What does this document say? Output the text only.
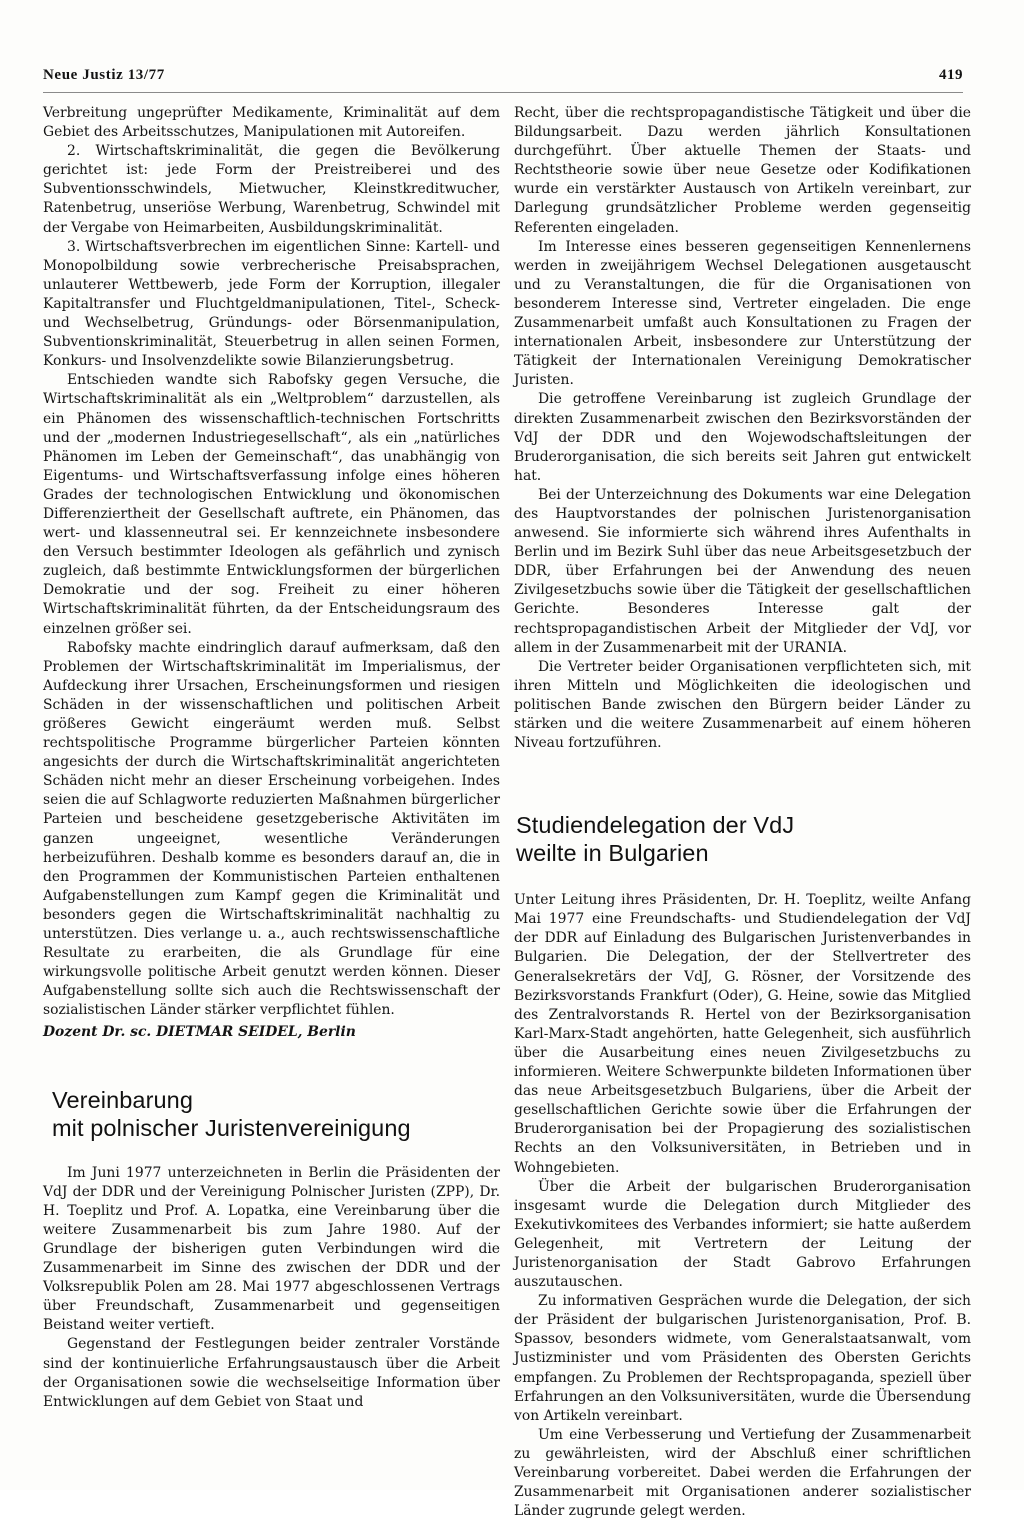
Neue Justiz 13/77	419

Verbreitung ungeprüfter Medikamente, Kriminalität auf dem Gebiet des Arbeitsschutzes, Manipulationen mit Autoreifen.

2. Wirtschaftskriminalität, die gegen die Bevölkerung gerichtet ist: jede Form der Preistreiberei und des Subventionsschwindels, Mietwucher, Kleinstkreditwucher, Ratenbetrug, unseriöse Werbung, Warenbetrug, Schwindel mit der Vergabe von Heimarbeiten, Ausbildungskriminalität.

3. Wirtschaftsverbrechen im eigentlichen Sinne: Kartell- und Monopolbildung sowie verbrecherische Preisabsprachen, unlauterer Wettbewerb, jede Form der Korruption, illegaler Kapitaltransfer und Fluchtgeldmanipulationen, Titel-, Scheck- und Wechselbetrug, Gründungs- oder Börsenmanipulation, Subventionskriminalität, Steuerbetrug in allen seinen Formen, Konkurs- und Insolvenzdelikte sowie Bilanzierungsbetrug.

Entschieden wandte sich Rabofsky gegen Versuche, die Wirtschaftskriminalität als ein „Weltproblem“ darzustellen, als ein Phänomen des wissenschaftlich-technischen Fortschritts und der „modernen Industriegesellschaft“, als ein „natürliches Phänomen im Leben der Gemeinschaft“, das unabhängig von Eigentums- und Wirtschaftsverfassung infolge eines höheren Grades der technologischen Entwicklung und ökonomischen Differenziertheit der Gesellschaft auftrete, ein Phänomen, das wert- und klassenneutral sei. Er kennzeichnete insbesondere den Versuch bestimmter Ideologen als gefährlich und zynisch zugleich, daß bestimmte Entwicklungsformen der bürgerlichen Demokratie und der sog. Freiheit zu einer höheren Wirtschaftskriminalität führten, da der Entscheidungsraum des einzelnen größer sei.

Rabofsky machte eindringlich darauf aufmerksam, daß den Problemen der Wirtschaftskriminalität im Imperialismus, der Aufdeckung ihrer Ursachen, Erscheinungsformen und riesigen Schäden in der wissenschaftlichen und politischen Arbeit größeres Gewicht eingeräumt werden muß. Selbst rechtspolitische Programme bürgerlicher Parteien könnten angesichts der durch die Wirtschaftskriminalität angerichteten Schäden nicht mehr an dieser Erscheinung vorbeigehen. Indes seien die auf Schlagworte reduzierten Maßnahmen bürgerlicher Parteien und bescheidene gesetzgeberische Aktivitäten im ganzen ungeeignet, wesentliche Veränderungen herbeizuführen. Deshalb komme es besonders darauf an, die in den Programmen der Kommunistischen Parteien enthaltenen Aufgabenstellungen zum Kampf gegen die Kriminalität und besonders gegen die Wirtschaftskriminalität nachhaltig zu unterstützen. Dies verlange u. a., auch rechtswissenschaftliche Resultate zu erarbeiten, die als Grundlage für eine wirkungsvolle politische Arbeit genutzt werden können. Dieser Aufgabenstellung sollte sich auch die Rechtswissenschaft der sozialistischen Länder stärker verpflichtet fühlen.

Dozent Dr. sc. DIETMAR SEIDEL, Berlin

Vereinbarung
mit polnischer Juristenvereinigung

Im Juni 1977 unterzeichneten in Berlin die Präsidenten der VdJ der DDR und der Vereinigung Polnischer Juristen (ZPP), Dr. H. Toeplitz und Prof. A. Lopatka, eine Vereinbarung über die weitere Zusammenarbeit bis zum Jahre 1980. Auf der Grundlage der bisherigen guten Verbindungen wird die Zusammenarbeit im Sinne des zwischen der DDR und der Volksrepublik Polen am 28. Mai 1977 abgeschlossenen Vertrags über Freundschaft, Zusammenarbeit und gegenseitigen Beistand weiter vertieft.

Gegenstand der Festlegungen beider zentraler Vorstände sind der kontinuierliche Erfahrungsaustausch über die Arbeit der Organisationen sowie die wechselseitige Information über Entwicklungen auf dem Gebiet von Staat und

Recht, über die rechtspropagandistische Tätigkeit und über die Bildungsarbeit. Dazu werden jährlich Konsultationen durchgeführt. Über aktuelle Themen der Staats- und Rechtstheorie sowie über neue Gesetze oder Kodifikationen wurde ein verstärkter Austausch von Artikeln vereinbart, zur Darlegung grundsätzlicher Probleme werden gegenseitig Referenten eingeladen.

Im Interesse eines besseren gegenseitigen Kennenlernens werden in zweijährigem Wechsel Delegationen ausgetauscht und zu Veranstaltungen, die für die Organisationen von besonderem Interesse sind, Vertreter eingeladen. Die enge Zusammenarbeit umfaßt auch Konsultationen zu Fragen der internationalen Arbeit, insbesondere zur Unterstützung der Tätigkeit der Internationalen Vereinigung Demokratischer Juristen.

Die getroffene Vereinbarung ist zugleich Grundlage der direkten Zusammenarbeit zwischen den Bezirksvorständen der VdJ der DDR und den Wojewodschaftsleitungen der Bruderorganisation, die sich bereits seit Jahren gut entwickelt hat.

Bei der Unterzeichnung des Dokuments war eine Delegation des Hauptvorstandes der polnischen Juristenorganisation anwesend. Sie informierte sich während ihres Aufenthalts in Berlin und im Bezirk Suhl über das neue Arbeitsgesetzbuch der DDR, über Erfahrungen bei der Anwendung des neuen Zivilgesetzbuchs sowie über die Tätigkeit der gesellschaftlichen Gerichte. Besonderes Interesse galt der rechtspropagandistischen Arbeit der Mitglieder der VdJ, vor allem in der Zusammenarbeit mit der URANIA.

Die Vertreter beider Organisationen verpflichteten sich, mit ihren Mitteln und Möglichkeiten die ideologischen und politischen Bande zwischen den Bürgern beider Länder zu stärken und die weitere Zusammenarbeit auf einem höheren Niveau fortzuführen.

Studiendelegation der VdJ
weilte in Bulgarien

Unter Leitung ihres Präsidenten, Dr. H. Toeplitz, weilte Anfang Mai 1977 eine Freundschafts- und Studiendelegation der VdJ der DDR auf Einladung des Bulgarischen Juristenverbandes in Bulgarien. Die Delegation, der der Stellvertreter des Generalsekretärs der VdJ, G. Rösner, der Vorsitzende des Bezirksvorstands Frankfurt (Oder), G. Heine, sowie das Mitglied des Zentralvorstands R. Hertel von der Bezirksorganisation Karl-Marx-Stadt angehörten, hatte Gelegenheit, sich ausführlich über die Ausarbeitung eines neuen Zivilgesetzbuchs zu informieren. Weitere Schwerpunkte bildeten Informationen über das neue Arbeitsgesetzbuch Bulgariens, über die Arbeit der gesellschaftlichen Gerichte sowie über die Erfahrungen der Bruderorganisation bei der Propagierung des sozialistischen Rechts an den Volksuniversitäten, in Betrieben und in Wohngebieten.

Über die Arbeit der bulgarischen Bruderorganisation insgesamt wurde die Delegation durch Mitglieder des Exekutivkomitees des Verbandes informiert; sie hatte außerdem Gelegenheit, mit Vertretern der Leitung der Juristenorganisation der Stadt Gabrovo Erfahrungen auszutauschen.

Zu informativen Gesprächen wurde die Delegation, der sich der Präsident der bulgarischen Juristenorganisation, Prof. B. Spassov, besonders widmete, vom Generalstaatsanwalt, vom Justizminister und vom Präsidenten des Obersten Gerichts empfangen. Zu Problemen der Rechtspropaganda, speziell über Erfahrungen an den Volksuniversitäten, wurde die Übersendung von Artikeln vereinbart.

Um eine Verbesserung und Vertiefung der Zusammenarbeit zu gewährleisten, wird der Abschluß einer schriftlichen Vereinbarung vorbereitet. Dabei werden die Erfahrungen der Zusammenarbeit mit Organisationen anderer sozialistischer Länder zugrunde gelegt werden.
